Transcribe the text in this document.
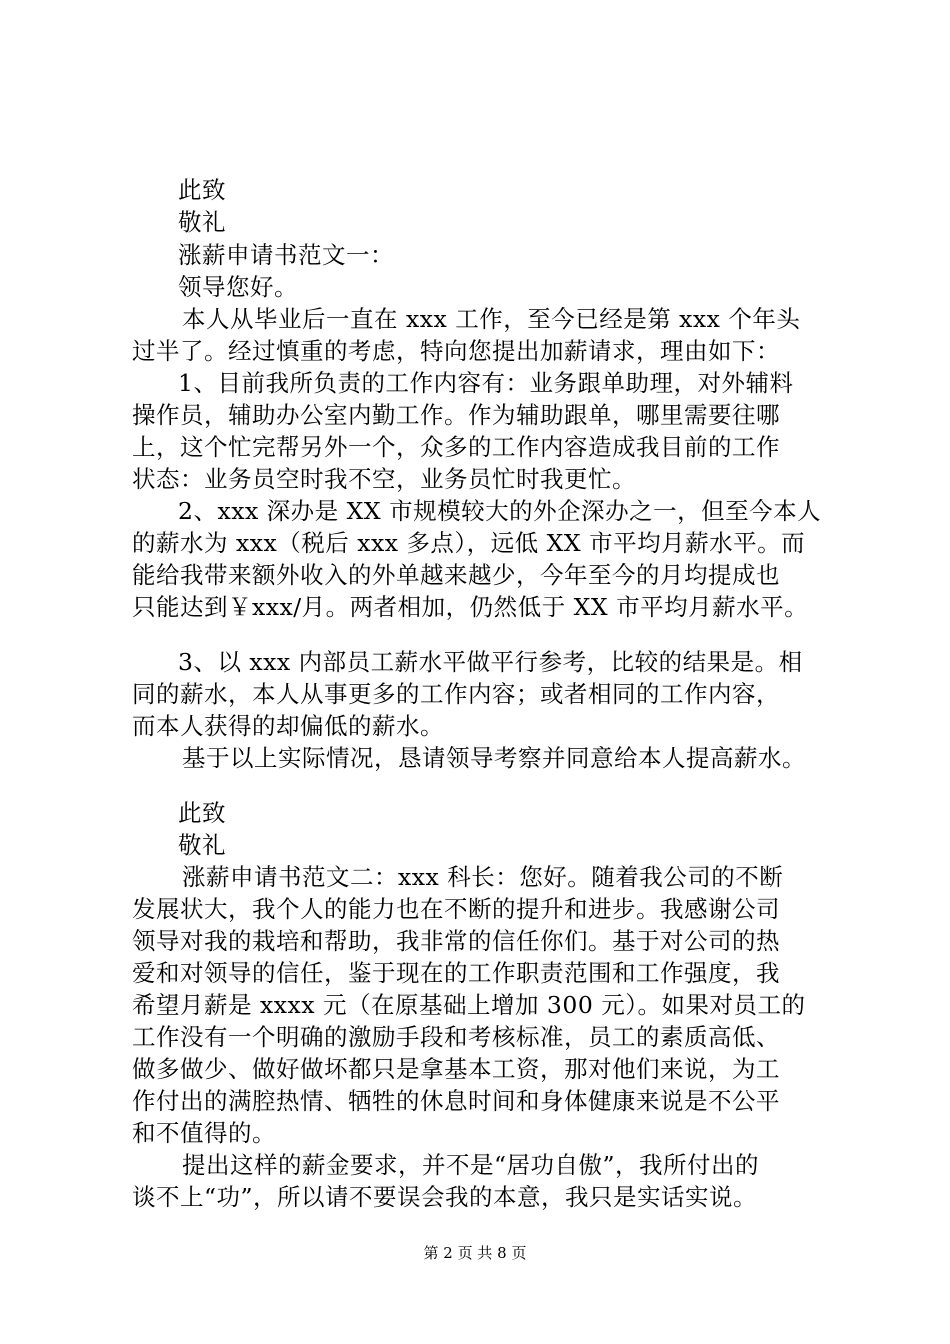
此致
敬礼
涨薪申请书范文一：
领导您好。
本人从毕业后一直在 xxx 工作，至今已经是第 xxx 个年头
过半了。经过慎重的考虑，特向您提出加薪请求，理由如下：
1、目前我所负责的工作内容有：业务跟单助理，对外辅料
操作员，辅助办公室内勤工作。作为辅助跟单，哪里需要往哪
上，这个忙完帮另外一个，众多的工作内容造成我目前的工作
状态：业务员空时我不空，业务员忙时我更忙。
2、xxx 深办是 XX 市规模较大的外企深办之一，但至今本人
的薪水为 xxx（税后 xxx 多点），远低 XX 市平均月薪水平。而
能给我带来额外收入的外单越来越少，今年至今的月均提成也
只能达到￥xxx/月。两者相加，仍然低于 XX 市平均月薪水平。
3、以 xxx 内部员工薪水平做平行参考，比较的结果是。相
同的薪水，本人从事更多的工作内容；或者相同的工作内容，
而本人获得的却偏低的薪水。
基于以上实际情况，恳请领导考察并同意给本人提高薪水。
此致
敬礼
涨薪申请书范文二：xxx 科长：您好。随着我公司的不断
发展状大，我个人的能力也在不断的提升和进步。我感谢公司
领导对我的栽培和帮助，我非常的信任你们。基于对公司的热
爱和对领导的信任，鉴于现在的工作职责范围和工作强度，我
希望月薪是 xxxx 元（在原基础上增加 300 元）。如果对员工的
工作没有一个明确的激励手段和考核标准，员工的素质高低、
做多做少、做好做坏都只是拿基本工资，那对他们来说，为工
作付出的满腔热情、牺牲的休息时间和身体健康来说是不公平
和不值得的。
提出这样的薪金要求，并不是“居功自傲”，我所付出的
谈不上“功”，所以请不要误会我的本意，我只是实话实说。
第 2 页 共 8 页
